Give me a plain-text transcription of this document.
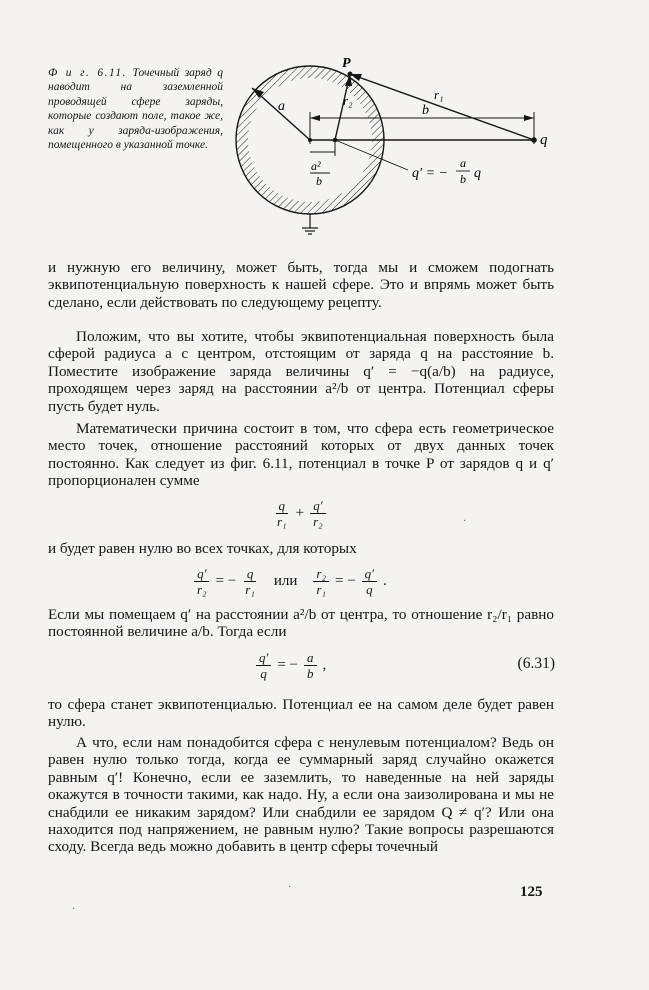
Ф и г. 6.11. Точечный заряд q наводит на заземленной проводящей сфере заряды, которые создают поле, такое же, как у заряда-изображения, помещенного в указанной точке.
P
a
r₁
r₂
b
q
a²
b	q′ = −
a
b q

и нужную его величину, может быть, тогда мы и сможем подогнать эквипотенциальную поверхность к нашей сфере. Это и впрямь может быть сделано, если действовать по следующему рецепту.

Положим, что вы хотите, чтобы эквипотенциальная поверхность была сферой радиуса a с центром, отстоящим от заряда q на расстояние b. Поместите изображение заряда величины q′ = −q(a/b) на радиусе, проходящем через заряд на расстоянии a²/b от центра. Потенциал сферы пусть будет нуль.

Математически причина состоит в том, что сфера есть геометрическое место точек, отношение расстояний которых от двух данных точек постоянно. Как следует из фиг. 6.11, потенциал в точке P от зарядов q и q′ пропорционален сумме

$\frac{q}{\text{r₁}} + \frac{q'}{\text{r₂}}$	·

и будет равен нулю во всех точках, для которых

$\frac{q'}{\text{r₂}}$ = − $\frac{q}{\text{r₁}}$ или $\frac{\text{r₂}}{\text{r₁}}$ = − $\frac{q'}{q}$ .

Если мы помещаем q′ на расстоянии a²/b от центра, то отношение r₂/r₁ равно постоянной величине a/b. Тогда если

$\frac{q'}{q}$ = − $\frac{a}{b}$ ,	(6.31)

то сфера станет эквипотенциалью. Потенциал ее на самом деле будет равен нулю.

А что, если нам понадобится сфера с ненулевым потенциалом? Ведь он равен нулю только тогда, когда ее суммарный заряд случайно окажется равным q′! Конечно, если ее заземлить, то наведенные на ней заряды окажутся в точности такими, как надо. Ну, а если она заизолирована и мы не снабдили ее никаким зарядом? Или снабдили ее зарядом Q ≠ q′? Или она находится под напряжением, не равным нулю? Такие вопросы разрешаются сходу. Всегда ведь можно добавить в центр сферы точечный

·
·
125
